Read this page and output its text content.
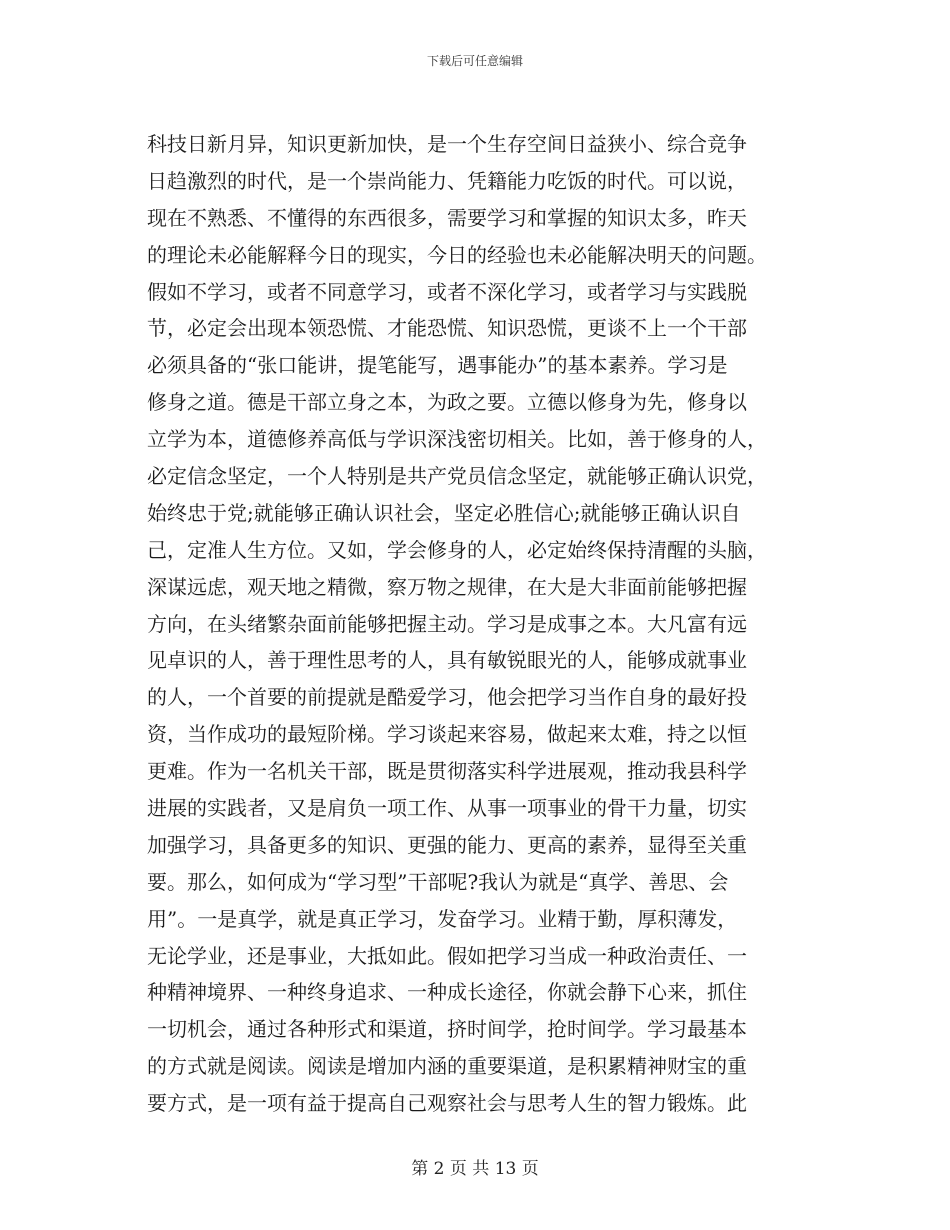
下载后可任意编辑
科技日新月异，知识更新加快，是一个生存空间日益狭小、综合竞争
日趋激烈的时代，是一个崇尚能力、凭籍能力吃饭的时代。可以说，
现在不熟悉、不懂得的东西很多，需要学习和掌握的知识太多，昨天
的理论未必能解释今日的现实，今日的经验也未必能解决明天的问题。
假如不学习，或者不同意学习，或者不深化学习，或者学习与实践脱
节，必定会出现本领恐慌、才能恐慌、知识恐慌，更谈不上一个干部
必须具备的“张口能讲，提笔能写，遇事能办”的基本素养。学习是
修身之道。德是干部立身之本，为政之要。立德以修身为先，修身以
立学为本，道德修养高低与学识深浅密切相关。比如，善于修身的人，
必定信念坚定，一个人特别是共产党员信念坚定，就能够正确认识党，
始终忠于党;就能够正确认识社会，坚定必胜信心;就能够正确认识自
己，定准人生方位。又如，学会修身的人，必定始终保持清醒的头脑，
深谋远虑，观天地之精微，察万物之规律，在大是大非面前能够把握
方向，在头绪繁杂面前能够把握主动。学习是成事之本。大凡富有远
见卓识的人，善于理性思考的人，具有敏锐眼光的人，能够成就事业
的人，一个首要的前提就是酷爱学习，他会把学习当作自身的最好投
资，当作成功的最短阶梯。学习谈起来容易，做起来太难，持之以恒
更难。作为一名机关干部，既是贯彻落实科学进展观，推动我县科学
进展的实践者，又是肩负一项工作、从事一项事业的骨干力量，切实
加强学习，具备更多的知识、更强的能力、更高的素养，显得至关重
要。那么，如何成为“学习型”干部呢?我认为就是“真学、善思、会
用”。一是真学，就是真正学习，发奋学习。业精于勤，厚积薄发，
无论学业，还是事业，大抵如此。假如把学习当成一种政治责任、一
种精神境界、一种终身追求、一种成长途径，你就会静下心来，抓住
一切机会，通过各种形式和渠道，挤时间学，抢时间学。学习最基本
的方式就是阅读。阅读是增加内涵的重要渠道，是积累精神财宝的重
要方式，是一项有益于提高自己观察社会与思考人生的智力锻炼。此
第 2 页 共 13 页
